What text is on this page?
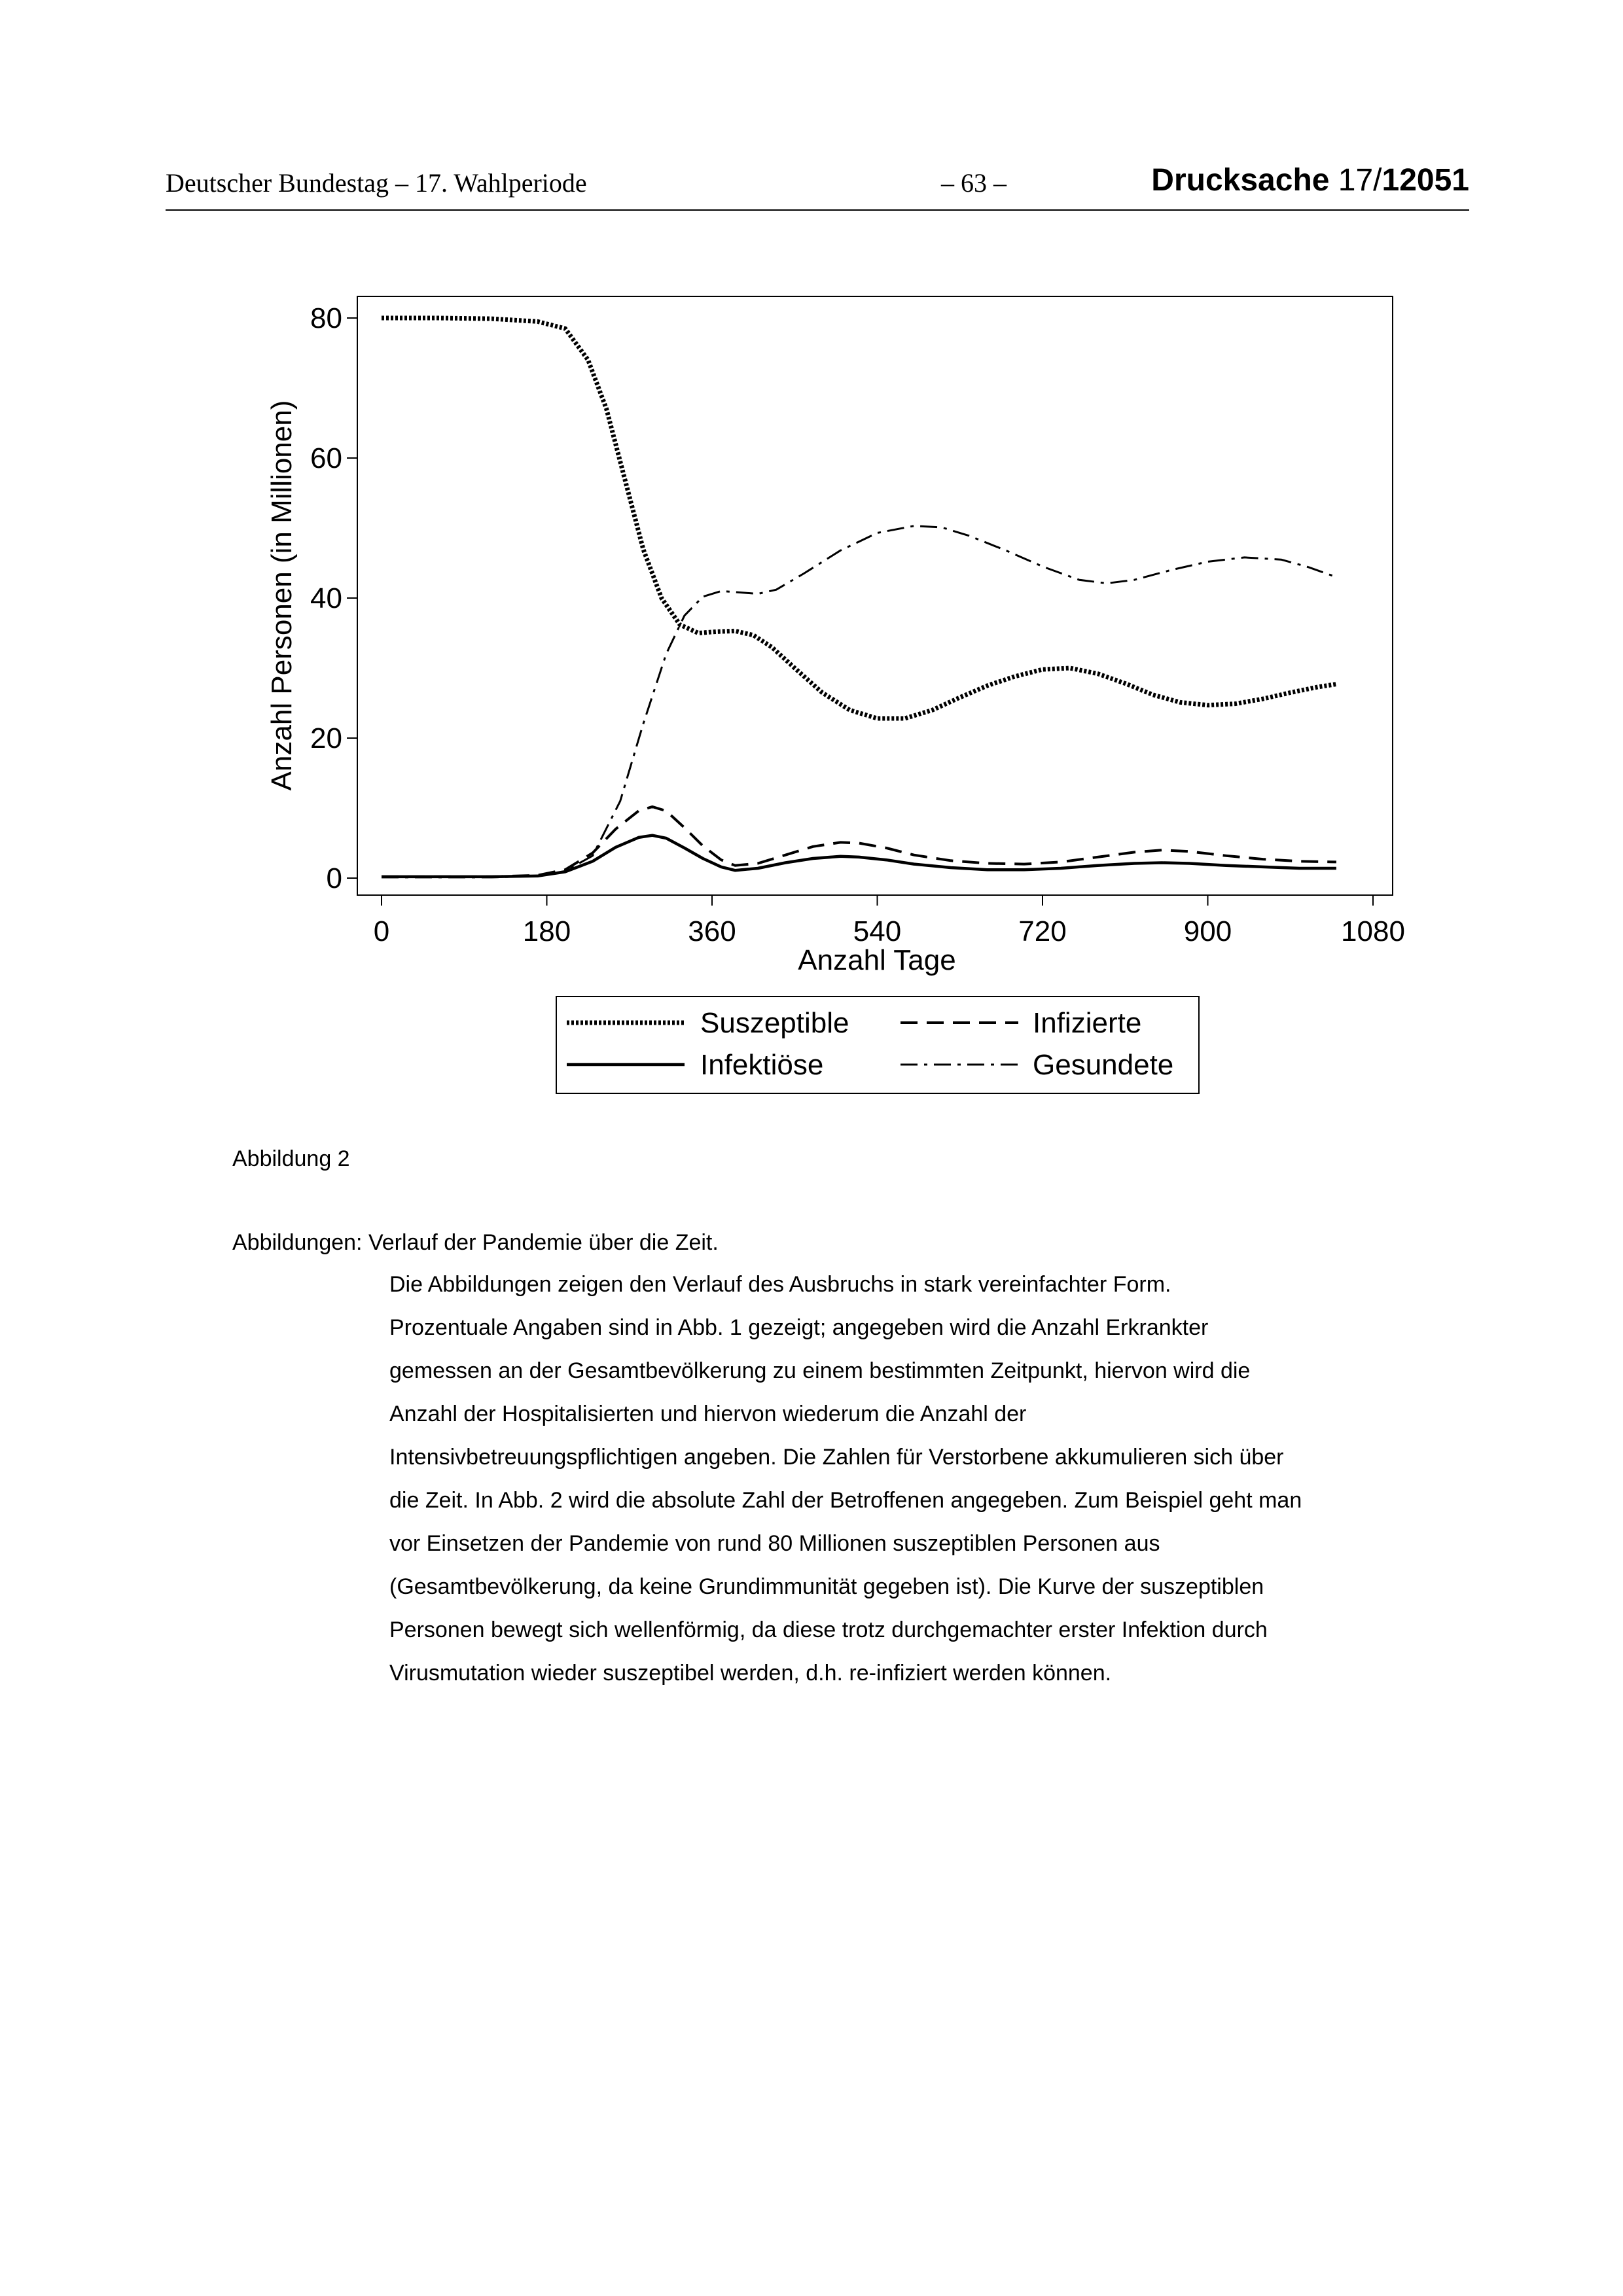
Deutscher Bundestag – 17. Wahlperiode	– 63 –	Drucksache 17/12051
0
20
40
60
80
0	180	360	540	720	900	1080
Anzahl Personen (in Millionen)
Anzahl Tage
Suszeptible	Infizierte
Infektiöse	Gesundete
Abbildung 2
Abbildungen: Verlauf der Pandemie über die Zeit.

Die Abbildungen zeigen den Verlauf des Ausbruchs in stark vereinfachter Form.
Prozentuale Angaben sind in Abb. 1 gezeigt; angegeben wird die Anzahl Erkrankter
gemessen an der Gesamtbevölkerung zu einem bestimmten Zeitpunkt, hiervon wird die
Anzahl der Hospitalisierten und hiervon wiederum die Anzahl der
Intensivbetreuungspflichtigen angeben. Die Zahlen für Verstorbene akkumulieren sich über
die Zeit. In Abb. 2 wird die absolute Zahl der Betroffenen angegeben. Zum Beispiel geht man
vor Einsetzen der Pandemie von rund 80 Millionen suszeptiblen Personen aus
(Gesamtbevölkerung, da keine Grundimmunität gegeben ist). Die Kurve der suszeptiblen
Personen bewegt sich wellenförmig, da diese trotz durchgemachter erster Infektion durch
Virusmutation wieder suszeptibel werden, d.h. re-infiziert werden können.
